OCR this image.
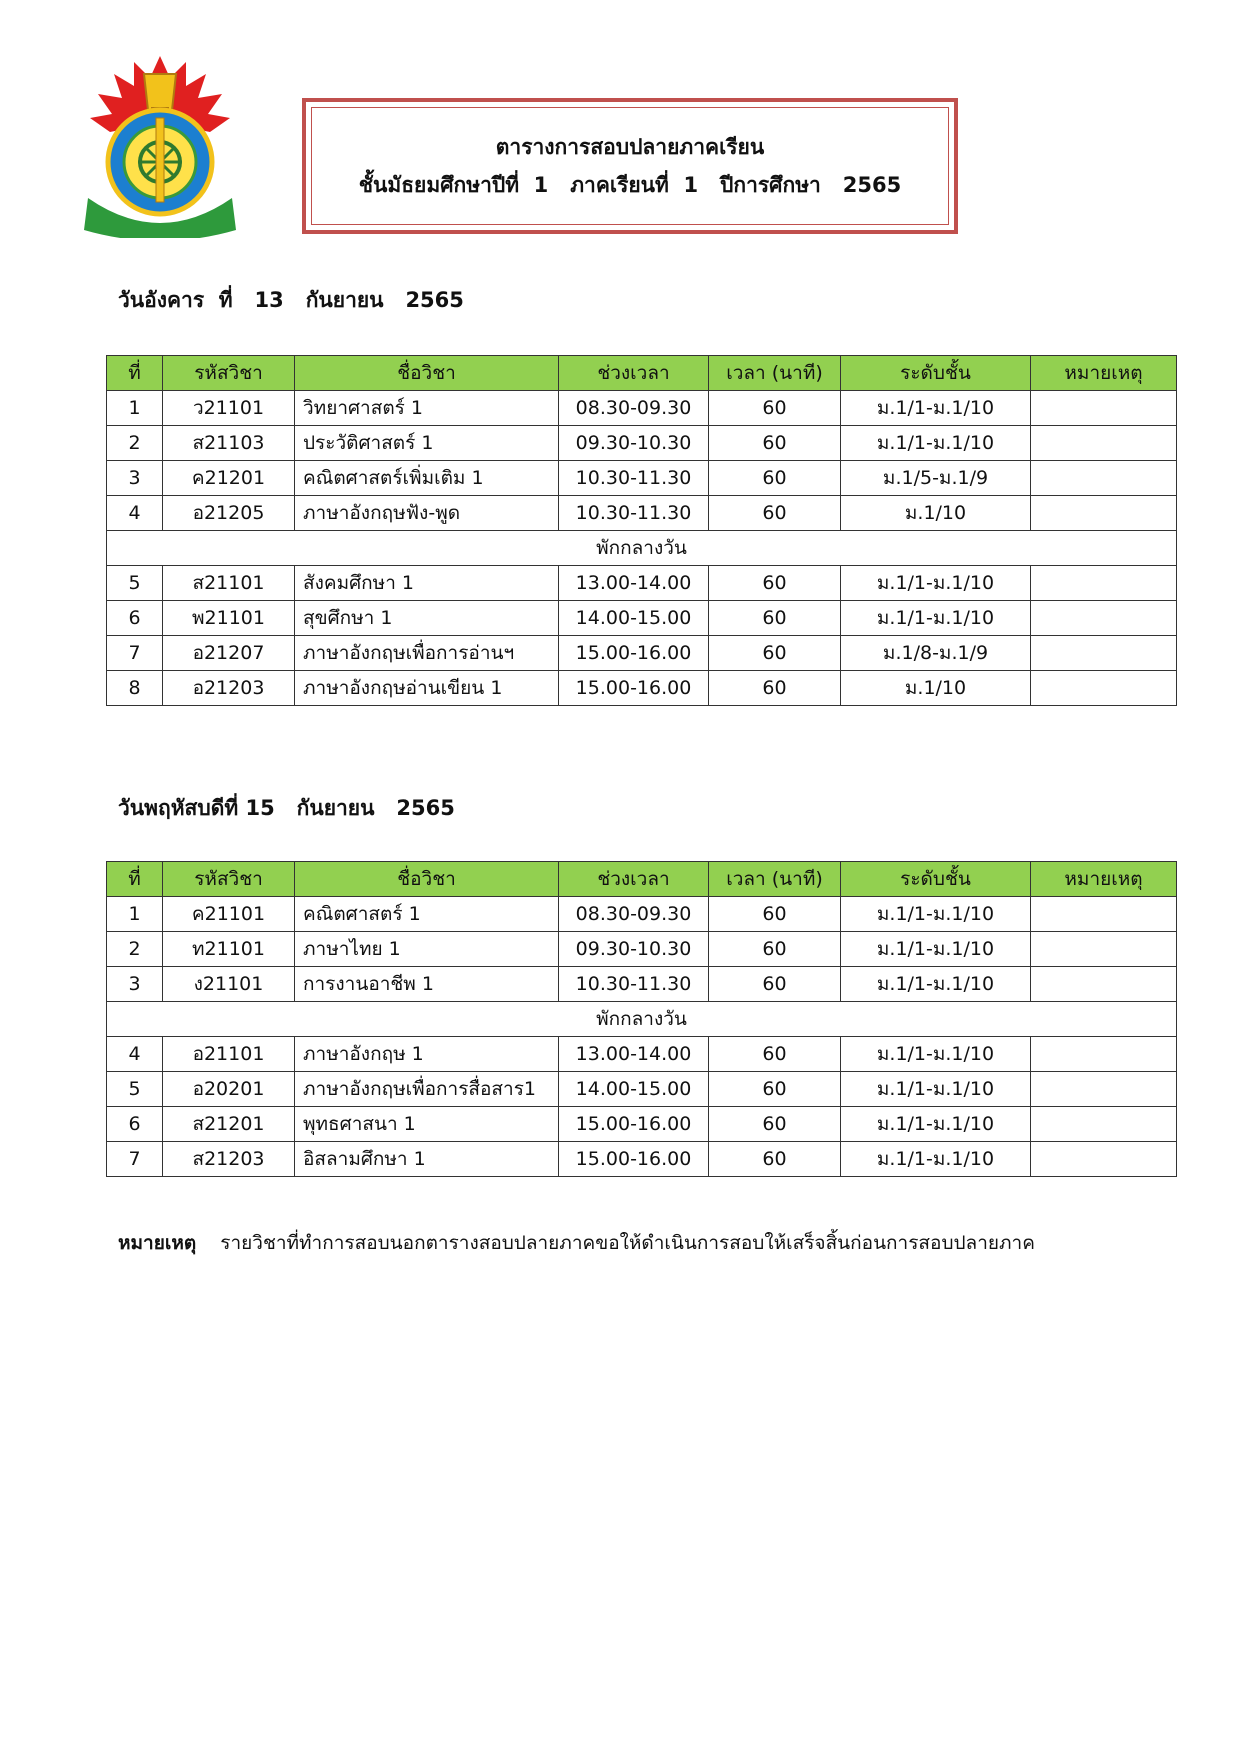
ตารางการสอบปลายภาคเรียน
ชั้นมัธยมศึกษาปีที่  1   ภาคเรียนที่  1   ปีการศึกษา   2565
วันอังคาร  ที่   13   กันยายน   2565
ที่	รหัสวิชา	ชื่อวิชา	ช่วงเวลา	เวลา (นาที)	ระดับชั้น	หมายเหตุ
1	ว21101	วิทยาศาสตร์ 1	08.30-09.30	60	ม.1/1-ม.1/10	
2	ส21103	ประวัติศาสตร์ 1	09.30-10.30	60	ม.1/1-ม.1/10	
3	ค21201	คณิตศาสตร์เพิ่มเติม 1	10.30-11.30	60	ม.1/5-ม.1/9	
4	อ21205	ภาษาอังกฤษฟัง-พูด	10.30-11.30	60	ม.1/10	
พักกลางวัน						
5	ส21101	สังคมศึกษา 1	13.00-14.00	60	ม.1/1-ม.1/10	
6	พ21101	สุขศึกษา 1	14.00-15.00	60	ม.1/1-ม.1/10	
7	อ21207	ภาษาอังกฤษเพื่อการอ่านฯ	15.00-16.00	60	ม.1/8-ม.1/9	
8	อ21203	ภาษาอังกฤษอ่านเขียน 1	15.00-16.00	60	ม.1/10	
วันพฤหัสบดีที่ 15   กันยายน   2565
ที่	รหัสวิชา	ชื่อวิชา	ช่วงเวลา	เวลา (นาที)	ระดับชั้น	หมายเหตุ
1	ค21101	คณิตศาสตร์ 1	08.30-09.30	60	ม.1/1-ม.1/10	
2	ท21101	ภาษาไทย 1	09.30-10.30	60	ม.1/1-ม.1/10	
3	ง21101	การงานอาชีพ 1	10.30-11.30	60	ม.1/1-ม.1/10	
พักกลางวัน						
4	อ21101	ภาษาอังกฤษ 1	13.00-14.00	60	ม.1/1-ม.1/10	
5	อ20201	ภาษาอังกฤษเพื่อการสื่อสาร1	14.00-15.00	60	ม.1/1-ม.1/10	
6	ส21201	พุทธศาสนา 1	15.00-16.00	60	ม.1/1-ม.1/10	
7	ส21203	อิสลามศึกษา 1	15.00-16.00	60	ม.1/1-ม.1/10	
หมายเหตุ รายวิชาที่ทำการสอบนอกตารางสอบปลายภาคขอให้ดำเนินการสอบให้เสร็จสิ้นก่อนการสอบปลายภาค
